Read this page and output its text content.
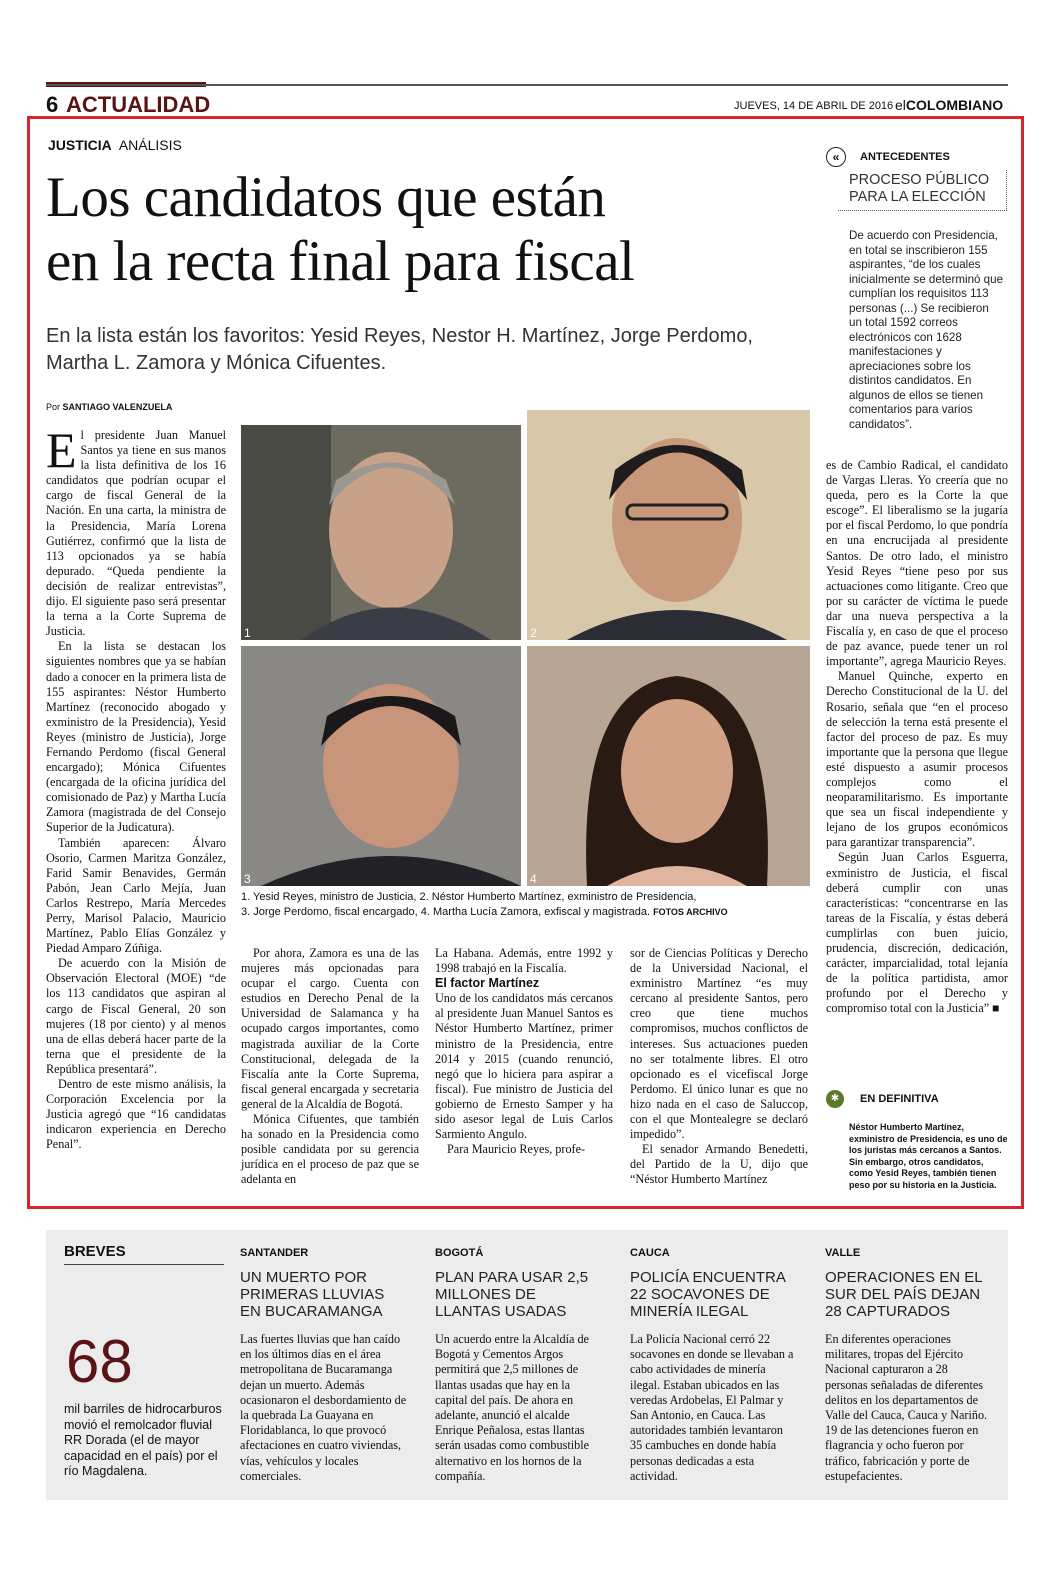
6 ACTUALIDAD	JUEVES, 14 DE ABRIL DE 2016 elCOLOMBIANO
JUSTICIA ANÁLISIS
Los candidatos que están
en la recta final para fiscal
En la lista están los favoritos: Yesid Reyes, Nestor H. Martínez, Jorge Perdomo, Martha L. Zamora y Mónica Cifuentes.
Por SANTIAGO VALENZUELA

El presidente Juan Manuel Santos ya tiene en sus manos la lista definitiva de los 16 candidatos que podrían ocupar el cargo de fiscal General de la Nación. En una carta, la ministra de la Presidencia, María Lorena Gutiérrez, confirmó que la lista de 113 opcionados ya se había depurado. “Queda pendiente la decisión de realizar entrevistas”, dijo. El siguiente paso será presentar la terna a la Corte Suprema de Justicia.

En la lista se destacan los siguientes nombres que ya se habían dado a conocer en la primera lista de 155 aspirantes: Néstor Humberto Martínez (reconocido abogado y exministro de la Presidencia), Yesid Reyes (ministro de Justicia), Jorge Fernando Perdomo (fiscal General encargado); Mónica Cifuentes (encargada de la oficina jurídica del comisionado de Paz) y Martha Lucía Zamora (magistrada de del Consejo Superior de la Judicatura).

También aparecen: Álvaro Osorio, Carmen Maritza González, Farid Samir Benavides, Germán Pabón, Jean Carlo Mejía, Juan Carlos Restrepo, María Mercedes Perry, Marisol Palacio, Mauricio Martínez, Pablo Elías González y Piedad Amparo Zúñiga.

De acuerdo con la Misión de Observación Electoral (MOE) “de los 113 candidatos que aspiran al cargo de Fiscal General, 20 son mujeres (18 por ciento) y al menos una de ellas deberá hacer parte de la terna que el presidente de la República presentará”.

Dentro de este mismo análisis, la Corporación Excelencia por la Justicia agregó que “16 candidatas indicaron experiencia en Derecho Penal”.

1	2
3	4
1. Yesid Reyes, ministro de Justicia, 2. Néstor Humberto Martínez, exministro de Presidencia,
3. Jorge Perdomo, fiscal encargado, 4. Martha Lucía Zamora, exfiscal y magistrada. FOTOS ARCHIVO

Por ahora, Zamora es una de las mujeres más opcionadas para ocupar el cargo. Cuenta con estudios en Derecho Penal de la Universidad de Salamanca y ha ocupado cargos importantes, como magistrada auxiliar de la Corte Constitucional, delegada de la Fiscalía ante la Corte Suprema, fiscal general encargada y secretaria general de la Alcaldía de Bogotá.

Mónica Cifuentes, que también ha sonado en la Presidencia como posible candidata por su gerencia jurídica en el proceso de paz que se adelanta en

La Habana. Además, entre 1992 y 1998 trabajó en la Fiscalía.

El factor Martínez

Uno de los candidatos más cercanos al presidente Juan Manuel Santos es Néstor Humberto Martínez, primer ministro de la Presidencia, entre 2014 y 2015 (cuando renunció, negó que lo hiciera para aspirar a fiscal). Fue ministro de Justicia del gobierno de Ernesto Samper y ha sido asesor legal de Luis Carlos Sarmiento Angulo.

Para Mauricio Reyes, profe-

sor de Ciencias Políticas y Derecho de la Universidad Nacional, el exministro Martínez “es muy cercano al presidente Santos, pero creo que tiene muchos compromisos, muchos conflictos de intereses. Sus actuaciones pueden no ser totalmente libres. El otro opcionado es el vicefiscal Jorge Perdomo. El único lunar es que no hizo nada en el caso de Saluccop, con el que Montealegre se declaró impedido”.

El senador Armando Benedetti, del Partido de la U, dijo que “Néstor Humberto Martínez

es de Cambio Radical, el candidato de Vargas Lleras. Yo creería que no queda, pero es la Corte la que escoge”. El liberalismo se la jugaría por el fiscal Perdomo, lo que pondría en una encrucijada al presidente Santos. De otro lado, el ministro Yesid Reyes “tiene peso por sus actuaciones como litigante. Creo que por su carácter de víctima le puede dar una nueva perspectiva a la Fiscalía y, en caso de que el proceso de paz avance, puede tener un rol importante”, agrega Mauricio Reyes.

Manuel Quinche, experto en Derecho Constitucional de la U. del Rosario, señala que “en el proceso de selección la terna está presente el factor del proceso de paz. Es muy importante que la persona que llegue esté dispuesto a asumir procesos complejos como el neoparamilitarismo. Es importante que sea un fiscal independiente y lejano de los grupos económicos para garantizar transparencia”.

Según Juan Carlos Esguerra, exministro de Justicia, el fiscal deberá cumplir con unas características: “concentrarse en las tareas de la Fiscalía, y éstas deberá cumplirlas con buen juicio, prudencia, discreción, dedicación, carácter, imparcialidad, total lejanía de la política partidista, amor profundo por el Derecho y compromiso total con la Justicia” ■

«	ANTECEDENTES
PROCESO PÚBLICO PARA LA ELECCIÓN
De acuerdo con Presidencia, en total se inscribieron 155 aspirantes, “de los cuales inicialmente se determinó que cumplían los requisitos 113 personas (...) Se recibieron un total 1592 correos electrónicos con 1628 manifestaciones y apreciaciones sobre los distintos candidatos. En algunos de ellos se tienen comentarios para varios candidatos”.
✱	EN DEFINITIVA
Néstor Humberto Martínez, exministro de Presidencia, es uno de los juristas más cercanos a Santos. Sin embargo, otros candidatos, como Yesid Reyes, también tienen peso por su historia en la Justicia.
BREVES
68
mil barriles de hidrocarburos movió el remolcador fluvial RR Dorada (el de mayor capacidad en el país) por el río Magdalena.
SANTANDER
UN MUERTO POR PRIMERAS LLUVIAS EN BUCARAMANGA
Las fuertes lluvias que han caído en los últimos días en el área metropolitana de Bucaramanga dejan un muerto. Además ocasionaron el desbordamiento de la quebrada La Guayana en Floridablanca, lo que provocó afectaciones en cuatro viviendas, vías, vehículos y locales comerciales.
BOGOTÁ
PLAN PARA USAR 2,5 MILLONES DE LLANTAS USADAS
Un acuerdo entre la Alcaldía de Bogotá y Cementos Argos permitirá que 2,5 millones de llantas usadas que hay en la capital del país. De ahora en adelante, anunció el alcalde Enrique Peñalosa, estas llantas serán usadas como combustible alternativo en los hornos de la compañía.
CAUCA
POLICÍA ENCUENTRA 22 SOCAVONES DE MINERÍA ILEGAL
La Policía Nacional cerró 22 socavones en donde se llevaban a cabo actividades de minería ilegal. Estaban ubicados en las veredas Ardobelas, El Palmar y San Antonio, en Cauca. Las autoridades también levantaron 35 cambuches en donde había personas dedicadas a esta actividad.
VALLE
OPERACIONES EN EL SUR DEL PAÍS DEJAN 28 CAPTURADOS
En diferentes operaciones militares, tropas del Ejército Nacional capturaron a 28 personas señaladas de diferentes delitos en los departamentos de Valle del Cauca, Cauca y Nariño. 19 de las detenciones fueron en flagrancia y ocho fueron por tráfico, fabricación y porte de estupefacientes.
